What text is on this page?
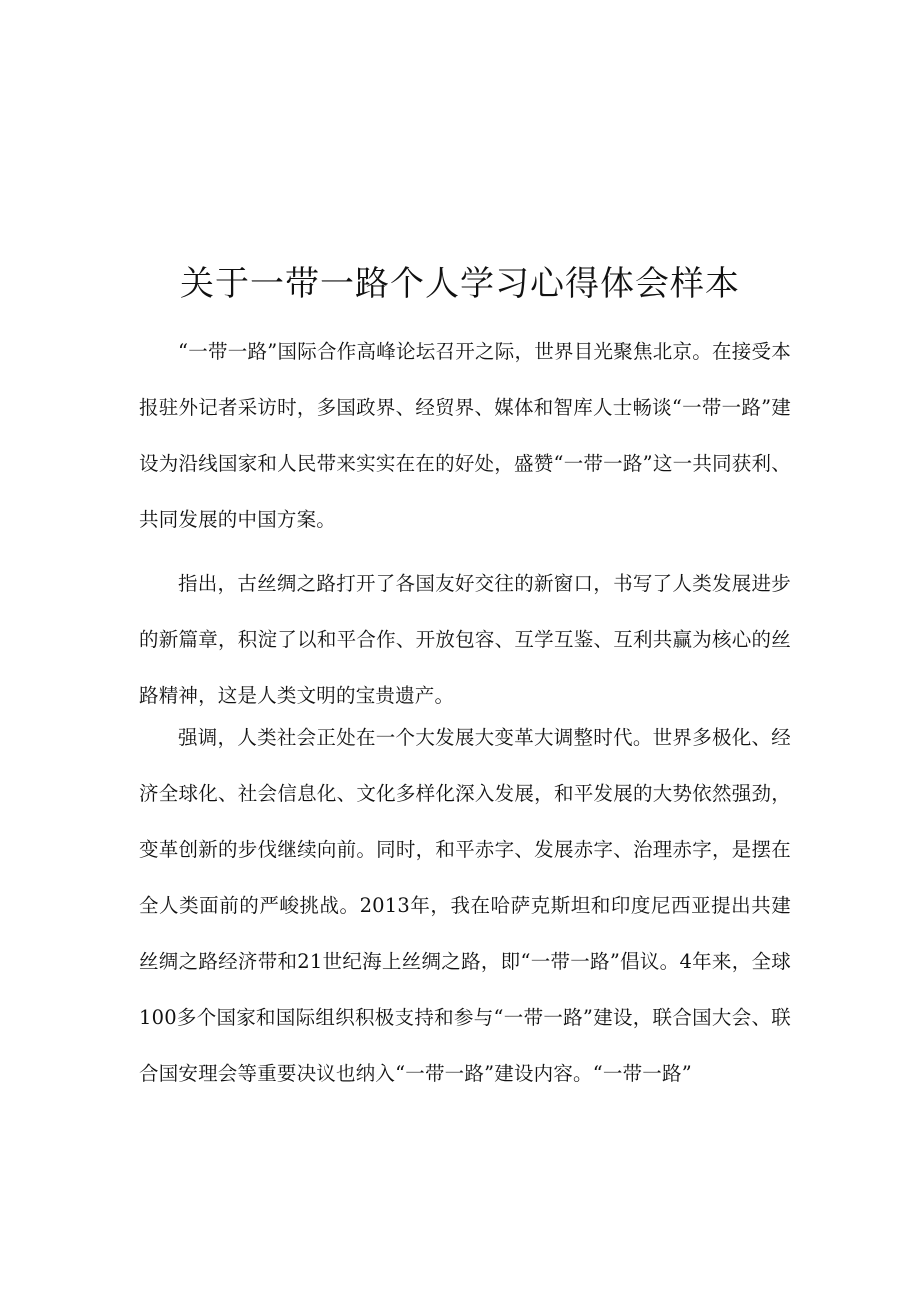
关于一带一路个人学习心得体会样本

“一带一路”国际合作高峰论坛召开之际，世界目光聚焦北京。在接受本报驻外记者采访时，多国政界、经贸界、媒体和智库人士畅谈“一带一路”建设为沿线国家和人民带来实实在在的好处，盛赞“一带一路”这一共同获利、共同发展的中国方案。

指出，古丝绸之路打开了各国友好交往的新窗口，书写了人类发展进步的新篇章，积淀了以和平合作、开放包容、互学互鉴、互利共赢为核心的丝路精神，这是人类文明的宝贵遗产。

强调，人类社会正处在一个大发展大变革大调整时代。世界多极化、经济全球化、社会信息化、文化多样化深入发展，和平发展的大势依然强劲，变革创新的步伐继续向前。同时，和平赤字、发展赤字、治理赤字，是摆在全人类面前的严峻挑战。2013年，我在哈萨克斯坦和印度尼西亚提出共建丝绸之路经济带和21世纪海上丝绸之路，即“一带一路”倡议。4年来，全球100多个国家和国际组织积极支持和参与“一带一路”建设，联合国大会、联合国安理会等重要决议也纳入“一带一路”建设内容。“一带一路”
